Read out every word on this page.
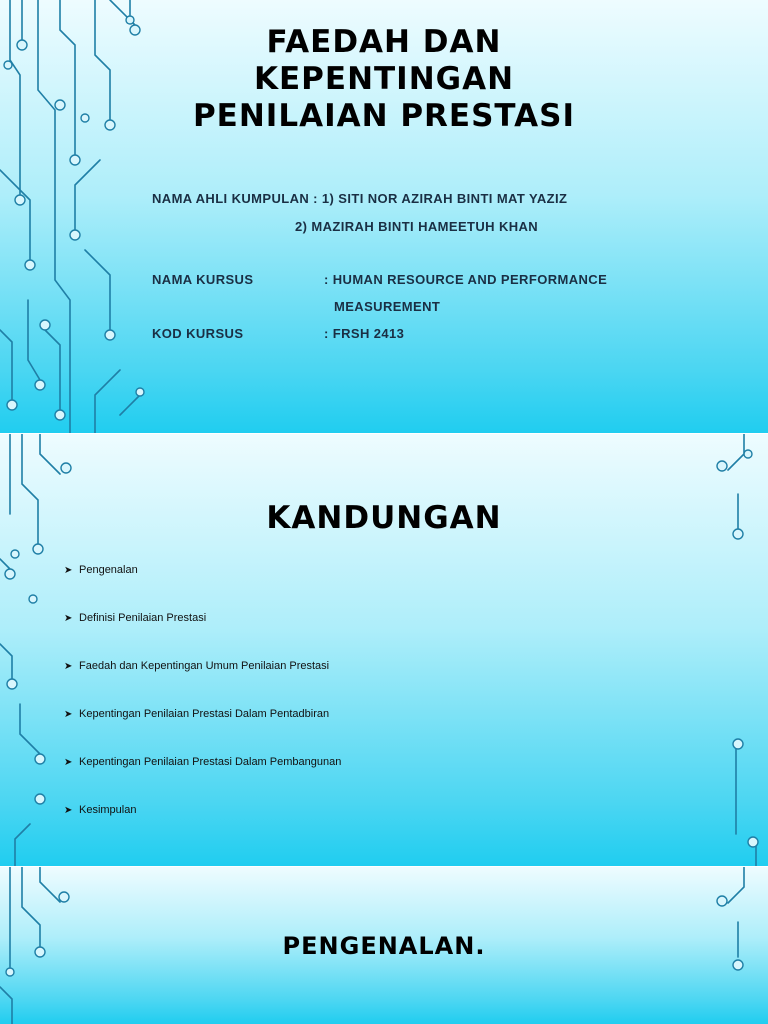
FAEDAH DAN
KEPENTINGAN
PENILAIAN PRESTASI
NAMA AHLI KUMPULAN : 1) SITI NOR AZIRAH BINTI MAT YAZIZ
2) MAZIRAH BINTI HAMEETUH KHAN
NAMA KURSUS	: HUMAN RESOURCE AND PERFORMANCE
MEASUREMENT
KOD KURSUS	: FRSH 2413
KANDUNGAN
➤ Pengenalan
➤ Definisi Penilaian Prestasi
➤ Faedah dan Kepentingan Umum Penilaian Prestasi
➤ Kepentingan Penilaian Prestasi Dalam Pentadbiran
➤ Kepentingan Penilaian Prestasi Dalam Pembangunan
➤ Kesimpulan
PENGENALAN.
